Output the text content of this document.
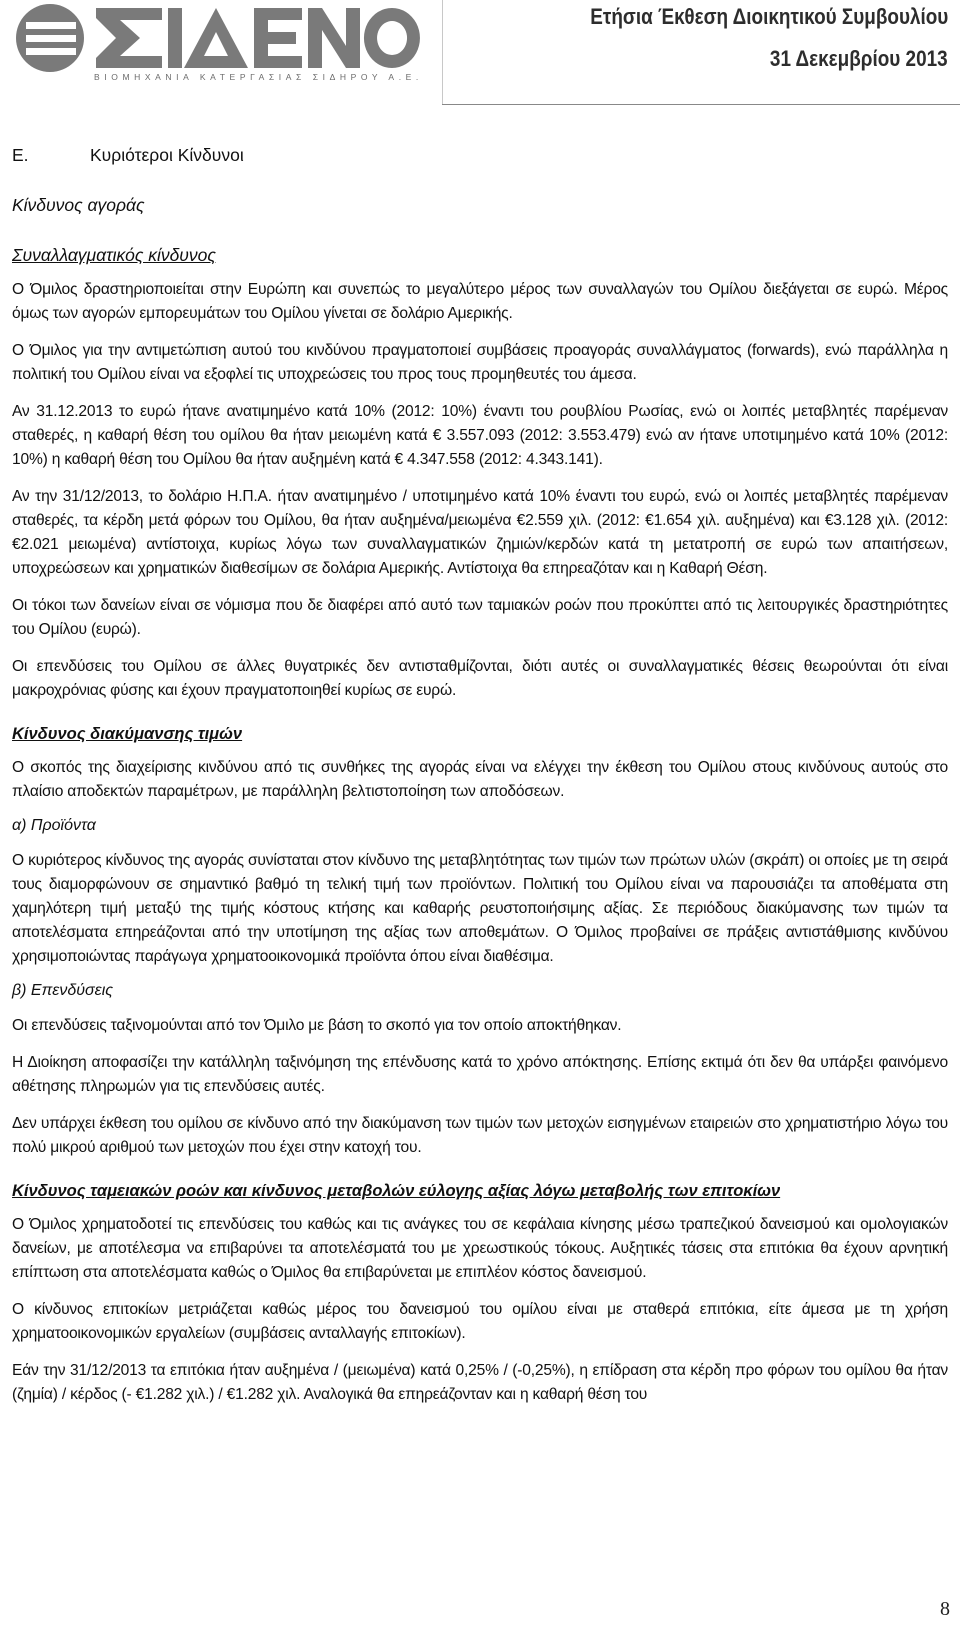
ΒΙΟΜΗΧΑΝΙΑ ΚΑΤΕΡΓΑΣΙΑΣ ΣΙΔΗΡΟΥ Α.Ε.
Ετήσια Έκθεση Διοικητικού Συμβουλίου
31 Δεκεμβρίου 2013
Ε.	Κυριότεροι Κίνδυνοι
Κίνδυνος αγοράς
Συναλλαγματικός κίνδυνος

Ο Όμιλος δραστηριοποιείται στην Ευρώπη και συνεπώς το μεγαλύτερο μέρος των συναλλαγών του Ομίλου διεξάγεται σε ευρώ. Μέρος όμως των αγορών εμπορευμάτων του Ομίλου γίνεται σε δολάριο Αμερικής.

Ο Όμιλος για την αντιμετώπιση αυτού του κινδύνου πραγματοποιεί συμβάσεις προαγοράς συναλλάγματος (forwards), ενώ παράλληλα η πολιτική του Ομίλου είναι να εξοφλεί τις υποχρεώσεις του προς τους προμηθευτές του άμεσα.

Αν 31.12.2013 το ευρώ ήτανε ανατιμημένο κατά 10% (2012: 10%) έναντι του ρουβλίου Ρωσίας, ενώ οι λοιπές μεταβλητές παρέμεναν σταθερές, η καθαρή θέση του ομίλου θα ήταν μειωμένη κατά € 3.557.093 (2012: 3.553.479) ενώ αν ήτανε υποτιμημένο κατά 10% (2012: 10%) η καθαρή θέση του Ομίλου θα ήταν αυξημένη κατά € 4.347.558 (2012: 4.343.141).

Αν την 31/12/2013, το δολάριο Η.Π.Α. ήταν ανατιμημένο / υποτιμημένο κατά 10% έναντι του ευρώ, ενώ οι λοιπές μεταβλητές παρέμεναν σταθερές, τα κέρδη μετά φόρων του Ομίλου, θα ήταν αυξημένα/μειωμένα €2.559 χιλ. (2012: €1.654 χιλ. αυξημένα) και €3.128 χιλ. (2012: €2.021 μειωμένα) αντίστοιχα, κυρίως λόγω των συναλλαγματικών ζημιών/κερδών κατά τη μετατροπή σε ευρώ των απαιτήσεων, υποχρεώσεων και χρηματικών διαθεσίμων σε δολάρια Αμερικής. Αντίστοιχα θα επηρεαζόταν και η Καθαρή Θέση.

Οι τόκοι των δανείων είναι σε νόμισμα που δε διαφέρει από αυτό των ταμιακών ροών που προκύπτει από τις λειτουργικές δραστηριότητες του Ομίλου (ευρώ).

Οι επενδύσεις του Ομίλου σε άλλες θυγατρικές δεν αντισταθμίζονται, διότι αυτές οι συναλλαγματικές θέσεις θεωρούνται ότι είναι μακροχρόνιας φύσης και έχουν πραγματοποιηθεί κυρίως σε ευρώ.

Κίνδυνος διακύμανσης τιμών

Ο σκοπός της διαχείρισης κινδύνου από τις συνθήκες της αγοράς είναι να ελέγχει την έκθεση του Ομίλου στους κινδύνους αυτούς στο πλαίσιο αποδεκτών παραμέτρων, με παράλληλη βελτιστοποίηση των αποδόσεων.

α) Προϊόντα

Ο κυριότερος κίνδυνος της αγοράς συνίσταται στον κίνδυνο της μεταβλητότητας των τιμών των πρώτων υλών (σκράπ) οι οποίες με τη σειρά τους διαμορφώνουν σε σημαντικό βαθμό τη τελική τιμή των προϊόντων. Πολιτική του Ομίλου είναι να παρουσιάζει τα αποθέματα στη χαμηλότερη τιμή μεταξύ της τιμής κόστους κτήσης και καθαρής ρευστοποιήσιμης αξίας. Σε περιόδους διακύμανσης των τιμών τα αποτελέσματα επηρεάζονται από την υποτίμηση της αξίας των αποθεμάτων. Ο Όμιλος προβαίνει σε πράξεις αντιστάθμισης κινδύνου χρησιμοποιώντας παράγωγα χρηματοοικονομικά προϊόντα όπου είναι διαθέσιμα.

β) Επενδύσεις

Οι επενδύσεις ταξινομούνται από τον Όμιλο με βάση το σκοπό για τον οποίο αποκτήθηκαν.

Η Διοίκηση αποφασίζει την κατάλληλη ταξινόμηση της επένδυσης κατά το χρόνο απόκτησης. Επίσης εκτιμά ότι δεν θα υπάρξει φαινόμενο αθέτησης πληρωμών για τις επενδύσεις αυτές.

Δεν υπάρχει έκθεση του ομίλου σε κίνδυνο από την διακύμανση των τιμών των μετοχών εισηγμένων εταιρειών στο χρηματιστήριο λόγω του πολύ μικρού αριθμού των μετοχών που έχει στην κατοχή του.

Κίνδυνος ταμειακών ροών και κίνδυνος μεταβολών εύλογης αξίας λόγω μεταβολής των επιτοκίων

Ο Όμιλος χρηματοδοτεί τις επενδύσεις του καθώς και τις ανάγκες του σε κεφάλαια κίνησης μέσω τραπεζικού δανεισμού και ομολογιακών δανείων, με αποτέλεσμα να επιβαρύνει τα αποτελέσματά του με χρεωστικούς τόκους. Αυξητικές τάσεις στα επιτόκια θα έχουν αρνητική επίπτωση στα αποτελέσματα καθώς ο Όμιλος θα επιβαρύνεται με επιπλέον κόστος δανεισμού.

Ο κίνδυνος επιτοκίων μετριάζεται καθώς μέρος του δανεισμού του ομίλου είναι με σταθερά επιτόκια, είτε άμεσα με τη χρήση χρηματοοικονομικών εργαλείων (συμβάσεις ανταλλαγής επιτοκίων).

Εάν την 31/12/2013 τα επιτόκια ήταν αυξημένα / (μειωμένα) κατά 0,25% / (-0,25%), η επίδραση στα κέρδη προ φόρων του ομίλου θα ήταν (ζημία) / κέρδος (- €1.282 χιλ.) / €1.282 χιλ. Αναλογικά θα επηρεάζονταν και η καθαρή θέση του

8
